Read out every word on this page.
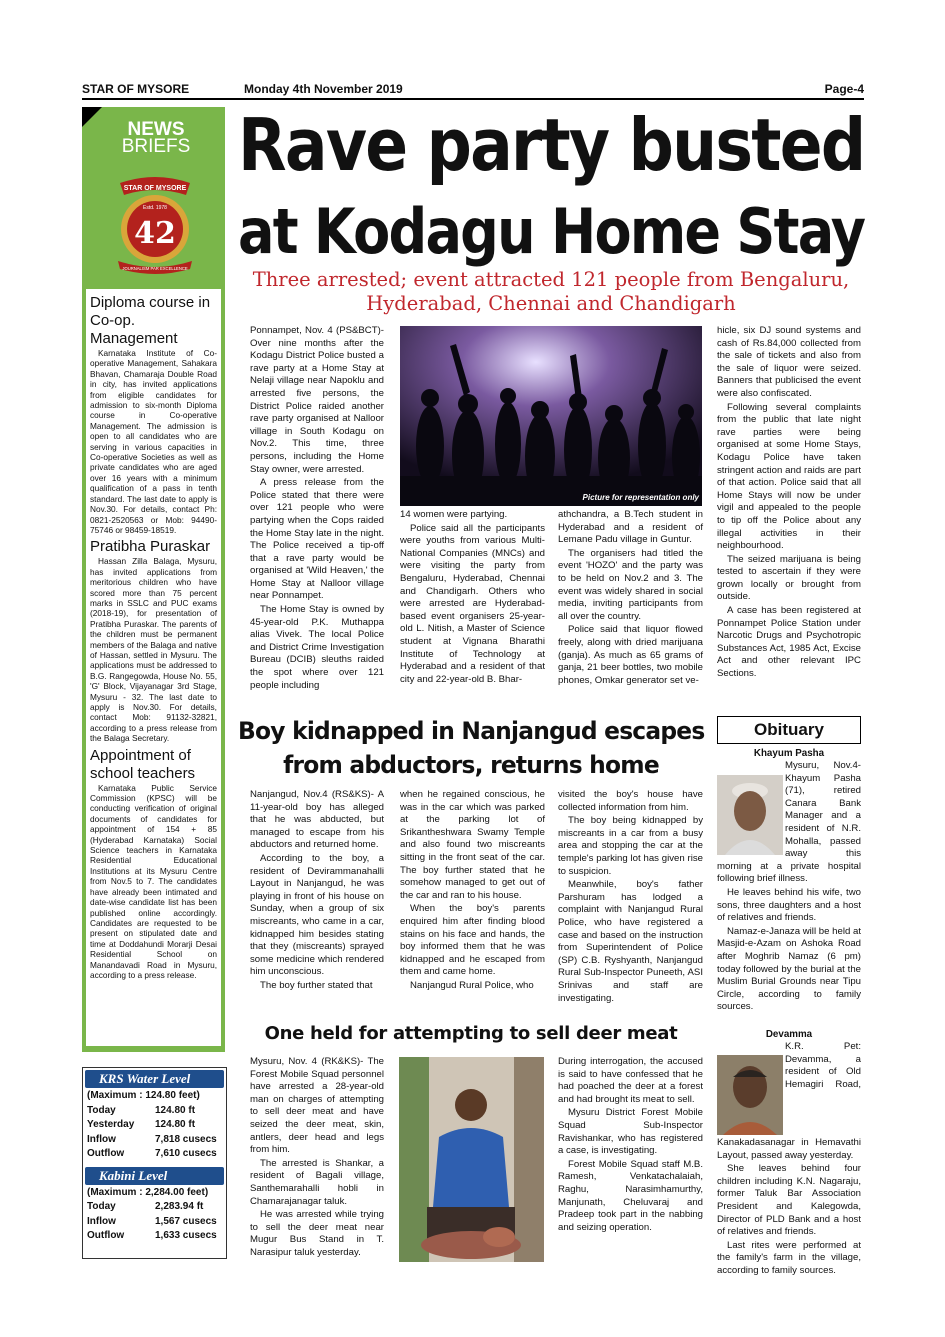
STAR OF MYSORE	Monday 4th November 2019	Page-4
NEWS
BRIEFS
STAR OF MYSORE
Estd. 1978
42
JOURNALISM PAR EXCELLENCE
Diploma course in
Co-op. Management
Karnataka Institute of Co-operative Management, Sahakara Bhavan, Chamaraja Double Road in city, has invited applications from eligible candidates for admission to six-month Diploma course in Co-operative Management. The admission is open to all candidates who are serving in various capacities in Co-operative Societies as well as private candidates who are aged over 16 years with a minimum qualification of a pass in tenth standard. The last date to apply is Nov.30. For details, contact Ph: 0821-2520563 or Mob: 94490-75746 or 98459-18519.
Pratibha Puraskar
Hassan Zilla Balaga, Mysuru, has invited applications from meritorious children who have scored more than 75 percent marks in SSLC and PUC exams (2018-19), for presentation of Pratibha Puraskar. The parents of the children must be permanent members of the Balaga and native of Hassan, settled in Mysuru. The applications must be addressed to B.G. Rangegowda, House No. 55, 'G' Block, Vijayanagar 3rd Stage, Mysuru - 32. The last date to apply is Nov.30. For details, contact Mob: 91132-32821, according to a press release from the Balaga Secretary.
Appointment of
school teachers
Karnataka Public Service Commission (KPSC) will be conducting verification of original documents of candidates for appointment of 154 + 85 (Hyderabad Karnataka) Social Science teachers in Karnataka Residential Educational Institutions at its Mysuru Centre from Nov.5 to 7. The candidates have already been intimated and date-wise candidate list has been published online accordingly. Candidates are requested to be present on stipulated date and time at Doddahundi Morarji Desai Residential School on Manandavadi Road in Mysuru, according to a press release.
KRS Water Level
(Maximum : 124.80 feet)
Today	124.80 ft
Yesterday 124.80 ft
Inflow	7,818 cusecs
Outflow	7,610 cusecs
Kabini Level
(Maximum : 2,284.00 feet)
Today	2,283.94 ft
Inflow	1,567 cusecs
Outflow	1,633 cusecs
Rave party busted
at Kodagu Home Stay
Three arrested; event attracted 121 people from Bengaluru,
Hyderabad, Chennai and Chandigarh

Ponnampet, Nov. 4 (PS&BCT)- Over nine months after the Kodagu District Police busted a rave party at a Home Stay at Nelaji village near Napoklu and arrested five persons, the District Police raided another rave party organised at Nalloor village in South Kodagu on Nov.2. This time, three persons, including the Home Stay owner, were arrested.

A press release from the Police stated that there were over 121 people who were partying when the Cops raided the Home Stay late in the night. The Police received a tip-off that a rave party would be organised at 'Wild Heaven,' the Home Stay at Nalloor village near Ponnampet.

The Home Stay is owned by 45-year-old P.K. Muthappa alias Vivek. The local Police and District Crime Investigation Bureau (DCIB) sleuths raided the spot where over 121 people including

Picture for representation only

14 women were partying.

Police said all the participants were youths from various Multi-National Companies (MNCs) and were visiting the party from Bengaluru, Hyderabad, Chennai and Chandigarh. Others who were arrested are Hyderabad-based event organisers 25-year-old L. Nitish, a Master of Science student at Vignana Bharathi Institute of Technology at Hyderabad and a resident of that city and 22-year-old B. Bhar-

athchandra, a B.Tech student in Hyderabad and a resident of Lemane Padu village in Guntur.

The organisers had titled the event 'HOZO' and the party was to be held on Nov.2 and 3. The event was widely shared in social media, inviting participants from all over the country.

Police said that liquor flowed freely, along with dried marijuana (ganja). As much as 65 grams of ganja, 21 beer bottles, two mobile phones, Omkar generator set ve-

hicle, six DJ sound systems and cash of Rs.84,000 collected from the sale of tickets and also from the sale of liquor were seized. Banners that publicised the event were also confiscated.

Following several complaints from the public that late night rave parties were being organised at some Home Stays, Kodagu Police have taken stringent action and raids are part of that action. Police said that all Home Stays will now be under vigil and appealed to the people to tip off the Police about any illegal activities in their neighbourhood.

The seized marijuana is being tested to ascertain if they were grown locally or brought from outside.

A case has been registered at Ponnampet Police Station under Narcotic Drugs and Psychotropic Substances Act, 1985 Act, Excise Act and other relevant IPC Sections.

Boy kidnapped in Nanjangud escapes
from abductors, returns home

Nanjangud, Nov.4 (RS&KS)- A 11-year-old boy has alleged that he was abducted, but managed to escape from his abductors and returned home.

According to the boy, a resident of Devirammanahalli Layout in Nanjangud, he was playing in front of his house on Sunday, when a group of six miscreants, who came in a car, kidnapped him besides stating that they (miscreants) sprayed some medicine which rendered him unconscious.

The boy further stated that

when he regained conscious, he was in the car which was parked at the parking lot of Srikantheshwara Swamy Temple and also found two miscreants sitting in the front seat of the car. The boy further stated that he somehow managed to get out of the car and ran to his house.

When the boy's parents enquired him after finding blood stains on his face and hands, the boy informed them that he was kidnapped and he escaped from them and came home.

Nanjangud Rural Police, who

visited the boy's house have collected information from him.

The boy being kidnapped by miscreants in a car from a busy area and stopping the car at the temple's parking lot has given rise to suspicion.

Meanwhile, boy's father Parshuram has lodged a complaint with Nanjangud Rural Police, who have registered a case and based on the instruction from Superintendent of Police (SP) C.B. Ryshyanth, Nanjangud Rural Sub-Inspector Puneeth, ASI Srinivas and staff are investigating.

One held for attempting to sell deer meat

Mysuru, Nov. 4 (RK&KS)- The Forest Mobile Squad personnel have arrested a 28-year-old man on charges of attempting to sell deer meat and have seized the deer meat, skin, antlers, deer head and legs from him.

The arrested is Shankar, a resident of Bagali village, Santhemarahalli hobli in Chamarajanagar taluk.

He was arrested while trying to sell the deer meat near Mugur Bus Stand in T. Narasipur taluk yesterday.

During interrogation, the accused is said to have confessed that he had poached the deer at a forest and had brought its meat to sell.

Mysuru District Forest Mobile Squad Sub-Inspector Ravishankar, who has registered a case, is investigating.

Forest Mobile Squad staff M.B. Ramesh, Venkatachalaiah, Raghu, Narasimhamurthy, Manjunath, Cheluvaraj and Pradeep took part in the nabbing and seizing operation.

Obituary
Khayum Pasha

Mysuru, Nov.4- Khayum Pasha (71), retired Canara Bank Manager and a resident of N.R. Mohalla, passed away this morning at a private hospital following brief illness.

He leaves behind his wife, two sons, three daughters and a host of relatives and friends.

Namaz-e-Janaza will be held at Masjid-e-Azam on Ashoka Road after Moghrib Namaz (6 pm) today followed by the burial at the Muslim Burial Grounds near Tipu Circle, according to family sources.

Devamma

K.R. Pet: Devamma, a resident of Old Hemagiri Road, Kanakadasanagar in Hemavathi Layout, passed away yesterday.

She leaves behind four children including K.N. Nagaraju, former Taluk Bar Association President and Kalegowda, Director of PLD Bank and a host of relatives and friends.

Last rites were performed at the family's farm in the village, according to family sources.
